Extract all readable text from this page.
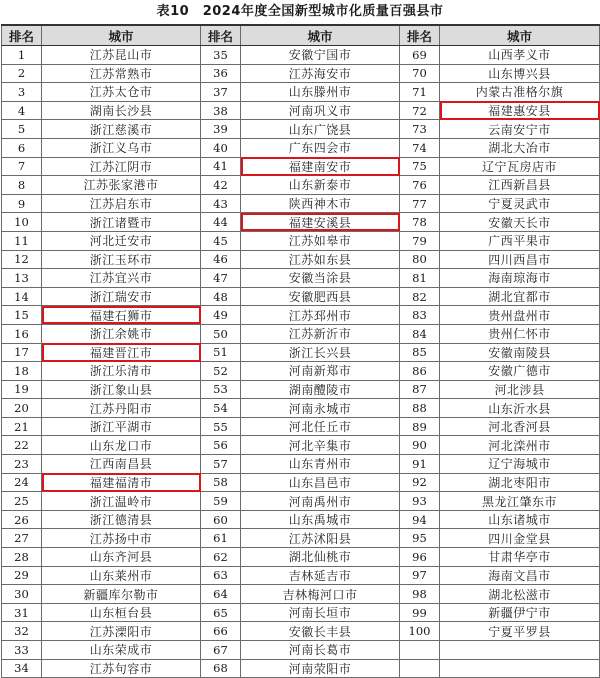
表10　2024年度全国新型城市化质量百强县市
排名	城市	排名	城市	排名	城市
1	江苏昆山市	35	安徽宁国市	69	山西孝义市
2	江苏常熟市	36	江苏海安市	70	山东博兴县
3	江苏太仓市	37	山东滕州市	71	内蒙古准格尔旗
4	湖南长沙县	38	河南巩义市	72	福建惠安县
5	浙江慈溪市	39	山东广饶县	73	云南安宁市
6	浙江义乌市	40	广东四会市	74	湖北大冶市
7	江苏江阴市	41	福建南安市	75	辽宁瓦房店市
8	江苏张家港市	42	山东新泰市	76	江西新昌县
9	江苏启东市	43	陕西神木市	77	宁夏灵武市
10	浙江诸暨市	44	福建安溪县	78	安徽天长市
11	河北迁安市	45	江苏如皋市	79	广西平果市
12	浙江玉环市	46	江苏如东县	80	四川西昌市
13	江苏宜兴市	47	安徽当涂县	81	海南琼海市
14	浙江瑞安市	48	安徽肥西县	82	湖北宜都市
15	福建石狮市	49	江苏邳州市	83	贵州盘州市
16	浙江余姚市	50	江苏新沂市	84	贵州仁怀市
17	福建晋江市	51	浙江长兴县	85	安徽南陵县
18	浙江乐清市	52	河南新郑市	86	安徽广德市
19	浙江象山县	53	湖南醴陵市	87	河北涉县
20	江苏丹阳市	54	河南永城市	88	山东沂水县
21	浙江平湖市	55	河北任丘市	89	河北香河县
22	山东龙口市	56	河北辛集市	90	河北滦州市
23	江西南昌县	57	山东青州市	91	辽宁海城市
24	福建福清市	58	山东昌邑市	92	湖北枣阳市
25	浙江温岭市	59	河南禹州市	93	黑龙江肇东市
26	浙江德清县	60	山东禹城市	94	山东诸城市
27	江苏扬中市	61	江苏沭阳县	95	四川金堂县
28	山东齐河县	62	湖北仙桃市	96	甘肃华亭市
29	山东莱州市	63	吉林延吉市	97	海南文昌市
30	新疆库尔勒市	64	吉林梅河口市	98	湖北松滋市
31	山东桓台县	65	河南长垣市	99	新疆伊宁市
32	江苏溧阳市	66	安徽长丰县	100	宁夏平罗县
33	山东荣成市	67	河南长葛市		
34	江苏句容市	68	河南荥阳市		
